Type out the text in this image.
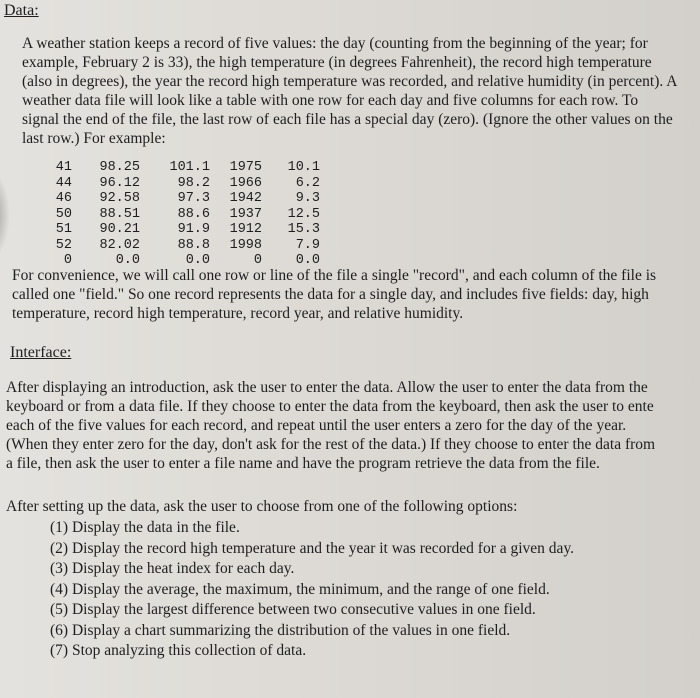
Data:

A weather station keeps a record of five values: the day (counting from the beginning of the year; for

example, February 2 is 33), the high temperature (in degrees Fahrenheit), the record high temperature

(also in degrees), the year the record high temperature was recorded, and relative humidity (in percent). A

weather data file will look like a table with one row for each day and five columns for each row. To

signal the end of the file, the last row of each file has a special day (zero). (Ignore the other values on the

last row.) For example:

41	98.25	101.1	1975	10.1
44	96.12	98.2	1966	6.2
46	92.58	97.3	1942	9.3
50	88.51	88.6	1937	12.5
51	90.21	91.9	1912	15.3
52	82.02	88.8	1998	7.9
0	0.0	0.0	0	0.0

For convenience, we will call one row or line of the file a single "record", and each column of the file is

called one "field." So one record represents the data for a single day, and includes five fields: day, high

temperature, record high temperature, record year, and relative humidity.

Interface:

After displaying an introduction, ask the user to enter the data. Allow the user to enter the data from the

keyboard or from a data file. If they choose to enter the data from the keyboard, then ask the user to ente

each of the five values for each record, and repeat until the user enters a zero for the day of the year.

(When they enter zero for the day, don't ask for the rest of the data.) If they choose to enter the data from

a file, then ask the user to enter a file name and have the program retrieve the data from the file.

After setting up the data, ask the user to choose from one of the following options:

(1) Display the data in the file.
(2) Display the record high temperature and the year it was recorded for a given day.
(3) Display the heat index for each day.
(4) Display the average, the maximum, the minimum, and the range of one field.
(5) Display the largest difference between two consecutive values in one field.
(6) Display a chart summarizing the distribution of the values in one field.
(7) Stop analyzing this collection of data.
